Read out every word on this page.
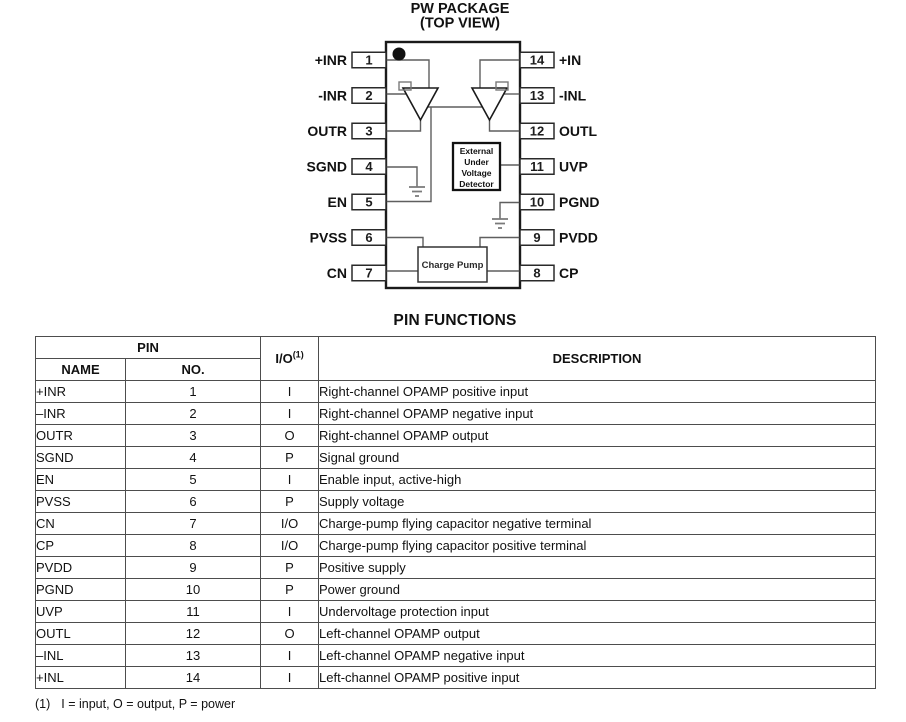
PW PACKAGE
(TOP VIEW)
External
Under
Voltage
Detector
Charge Pump
1
+INR	14 +IN
2
-INR	13 -INL
3
OUTR	12 OUTL
4
SGND	11 UVP
5
EN	10 PGND
6
PVSS	9 PVDD
7
CN	8 CP
PIN FUNCTIONS
PIN		$I/O^{(1)}$	DESCRIPTION
NAME	NO.		
+INR	1	I	Right-channel OPAMP positive input
–INR	2	I	Right-channel OPAMP negative input
OUTR	3	O	Right-channel OPAMP output
SGND	4	P	Signal ground
EN	5	I	Enable input, active-high
PVSS	6	P	Supply voltage
CN	7	I/O	Charge-pump flying capacitor negative terminal
CP	8	I/O	Charge-pump flying capacitor positive terminal
PVDD	9	P	Positive supply
PGND	10	P	Power ground
UVP	11	I	Undervoltage protection input
OUTL	12	O	Left-channel OPAMP output
–INL	13	I	Left-channel OPAMP negative input
+INL	14	I	Left-channel OPAMP positive input
(1) I = input, O = output, P = power
